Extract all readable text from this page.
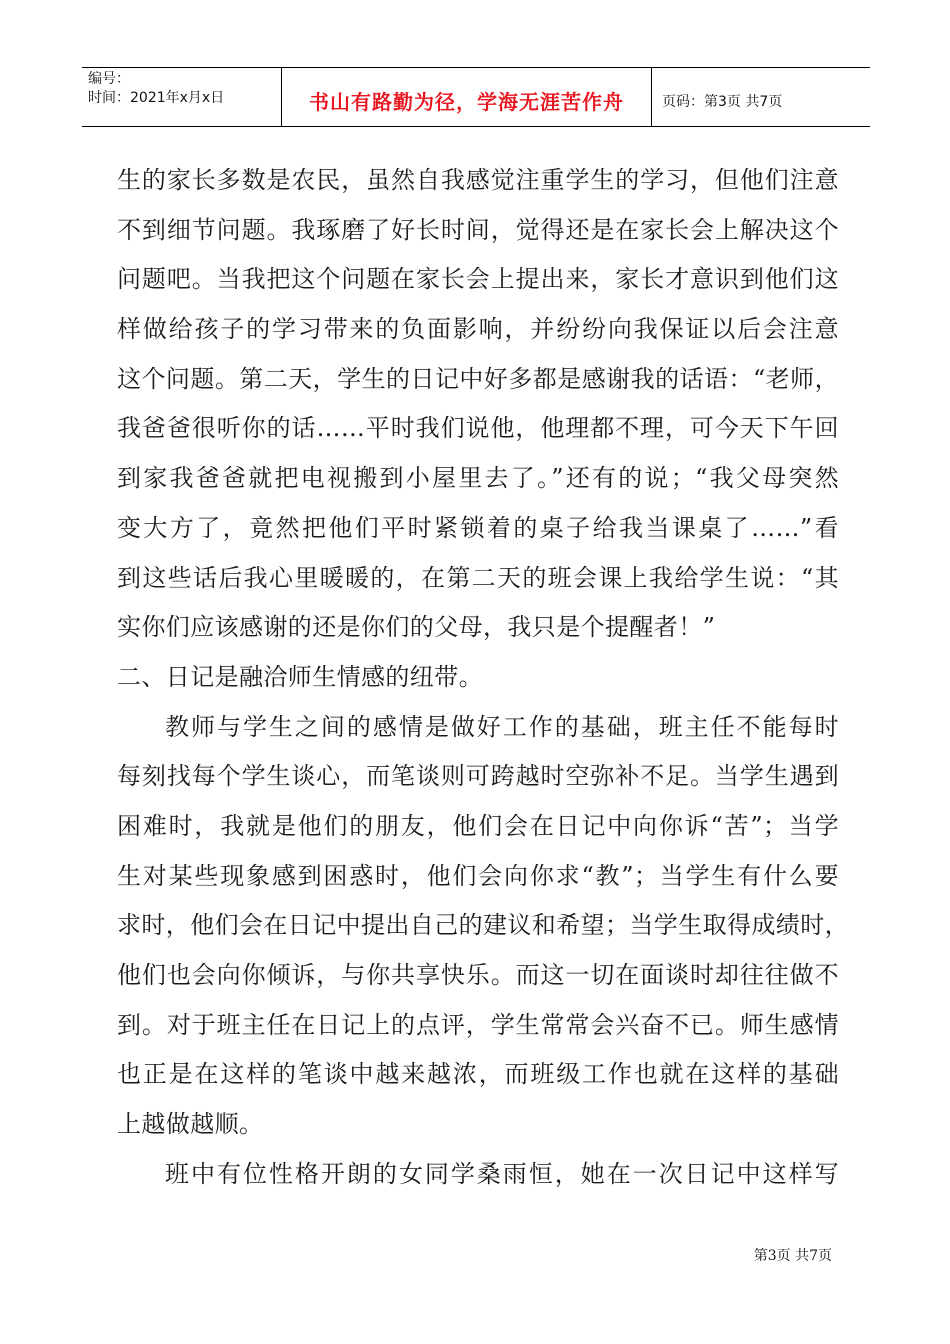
编号：
时间：2021年x月x日	书山有路勤为径，学海无涯苦作舟	页码：第3页 共7页
生的家长多数是农民，虽然自我感觉注重学生的学习，但他们注意
不到细节问题。我琢磨了好长时间，觉得还是在家长会上解决这个
问题吧。当我把这个问题在家长会上提出来，家长才意识到他们这
样做给孩子的学习带来的负面影响，并纷纷向我保证以后会注意
这个问题。第二天，学生的日记中好多都是感谢我的话语：“老师，
我爸爸很听你的话……平时我们说他，他理都不理，可今天下午回
到家我爸爸就把电视搬到小屋里去了。”还有的说；“我父母突然
变大方了，竟然把他们平时紧锁着的桌子给我当课桌了……”看
到这些话后我心里暖暖的，在第二天的班会课上我给学生说：“其
实你们应该感谢的还是你们的父母，我只是个提醒者！”
二、日记是融洽师生情感的纽带。
教师与学生之间的感情是做好工作的基础，班主任不能每时
每刻找每个学生谈心，而笔谈则可跨越时空弥补不足。当学生遇到
困难时，我就是他们的朋友，他们会在日记中向你诉“苦”；当学
生对某些现象感到困惑时，他们会向你求“教”；当学生有什么要
求时，他们会在日记中提出自己的建议和希望；当学生取得成绩时，
他们也会向你倾诉，与你共享快乐。而这一切在面谈时却往往做不
到。对于班主任在日记上的点评，学生常常会兴奋不已。师生感情
也正是在这样的笔谈中越来越浓，而班级工作也就在这样的基础
上越做越顺。
班中有位性格开朗的女同学桑雨恒，她在一次日记中这样写
第3页 共7页
